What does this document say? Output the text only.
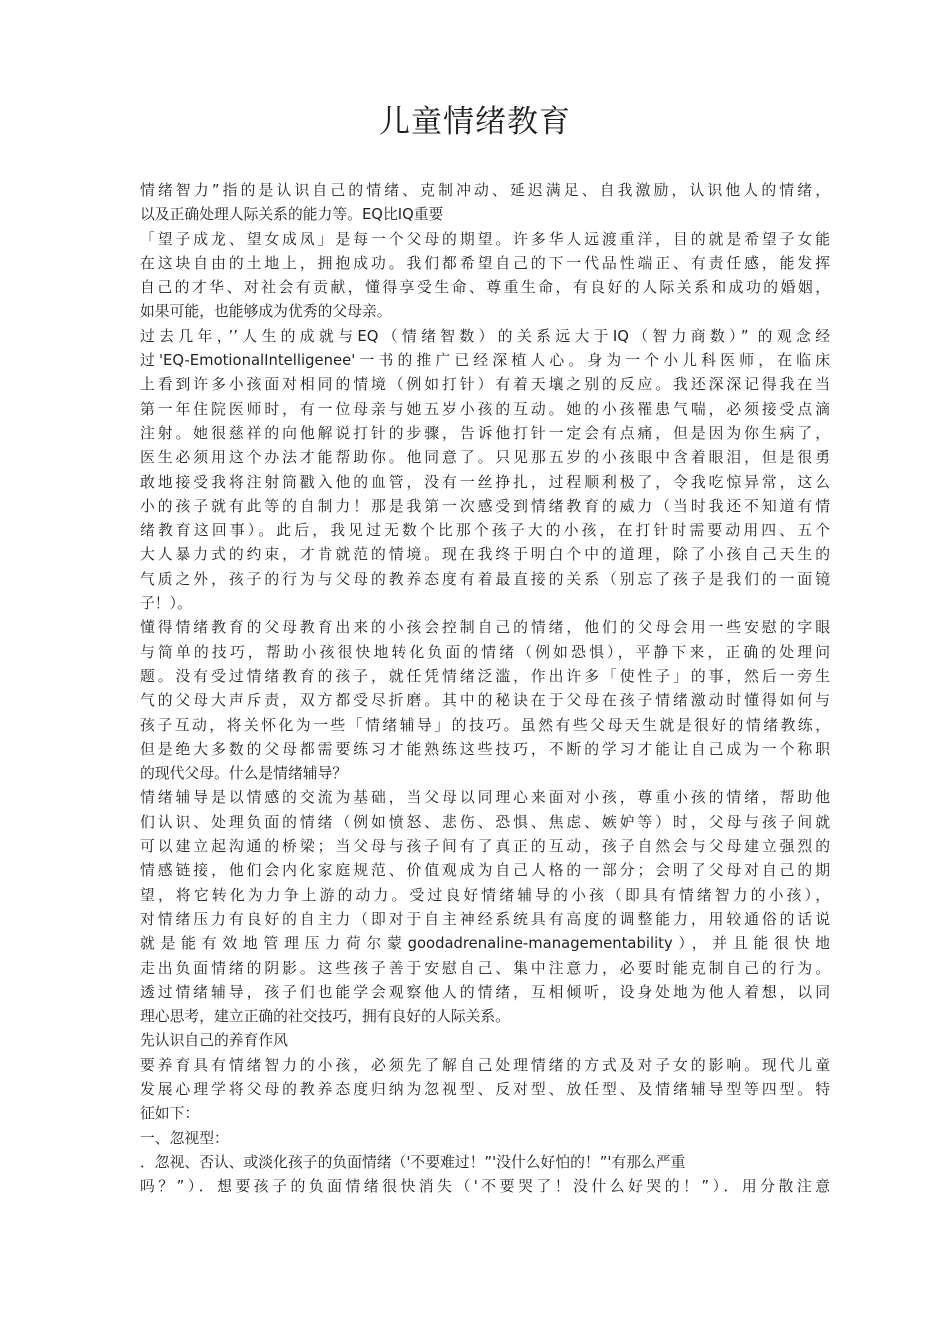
儿童情绪教育
情绪智力”指的是认识自己的情绪、克制冲动、延迟满足、自我激励，认识他人的情绪，
以及正确处理人际关系的能力等。EQ比IQ重要
「望子成龙、望女成凤」是每一个父母的期望。许多华人远渡重洋，目的就是希望子女能
在这块自由的土地上，拥抱成功。我们都希望自己的下一代品性端正、有责任感，能发挥
自己的才华、对社会有贡献，懂得享受生命、尊重生命，有良好的人际关系和成功的婚姻，
如果可能，也能够成为优秀的父母亲。
过去几年，’’人生的成就与EQ（情绪智数）的关系远大于IQ（智力商数）” 的观念经
过'EQ-EmotionalIntelligenee'一书的推广已经深植人心。身为一个小儿科医师，在临床
上看到许多小孩面对相同的情境（例如打针）有着天壤之别的反应。我还深深记得我在当
第一年住院医师时，有一位母亲与她五岁小孩的互动。她的小孩罹患气喘，必须接受点滴
注射。她很慈祥的向他解说打针的步骤，告诉他打针一定会有点痛，但是因为你生病了，
医生必须用这个办法才能帮助你。他同意了。只见那五岁的小孩眼中含着眼泪，但是很勇
敢地接受我将注射筒戳入他的血管，没有一丝挣扎，过程顺利极了，令我吃惊异常，这么
小的孩子就有此等的自制力！那是我第一次感受到情绪教育的威力（当时我还不知道有情
绪教育这回事）。此后，我见过无数个比那个孩子大的小孩，在打针时需要动用四、五个
大人暴力式的约束，才肯就范的情境。现在我终于明白个中的道理，除了小孩自己天生的
气质之外，孩子的行为与父母的教养态度有着最直接的关系（别忘了孩子是我们的一面镜
子！）。
懂得情绪教育的父母教育出来的小孩会控制自己的情绪，他们的父母会用一些安慰的字眼
与简单的技巧，帮助小孩很快地转化负面的情绪（例如恐惧），平静下来，正确的处理问
题。没有受过情绪教育的孩子，就任凭情绪泛滥，作出许多「使性子」的事，然后一旁生
气的父母大声斥责，双方都受尽折磨。其中的秘诀在于父母在孩子情绪激动时懂得如何与
孩子互动，将关怀化为一些「情绪辅导」的技巧。虽然有些父母天生就是很好的情绪教练，
但是绝大多数的父母都需要练习才能熟练这些技巧，不断的学习才能让自己成为一个称职
的现代父母。什么是情绪辅导？
情绪辅导是以情感的交流为基础，当父母以同理心来面对小孩，尊重小孩的情绪，帮助他
们认识、处理负面的情绪（例如愤怒、悲伤、恐惧、焦虑、嫉妒等）时，父母与孩子间就
可以建立起沟通的桥梁；当父母与孩子间有了真正的互动，孩子自然会与父母建立强烈的
情感链接，他们会内化家庭规范、价值观成为自己人格的一部分；会明了父母对自己的期
望，将它转化为力争上游的动力。受过良好情绪辅导的小孩（即具有情绪智力的小孩），
对情绪压力有良好的自主力（即对于自主神经系统具有高度的调整能力，用较通俗的话说
就是能有效地管理压力荷尔蒙goodadrenaline-managementability），并且能很快地
走出负面情绪的阴影。这些孩子善于安慰自己、集中注意力，必要时能克制自己的行为。
透过情绪辅导，孩子们也能学会观察他人的情绪，互相倾听，设身处地为他人着想，以同
理心思考，建立正确的社交技巧，拥有良好的人际关系。
先认识自己的养育作风
要养育具有情绪智力的小孩，必须先了解自己处理情绪的方式及对子女的影响。现代儿童
发展心理学将父母的教养态度归纳为忽视型、反对型、放任型、及情绪辅导型等四型。特
征如下：
一、忽视型：
．忽视、否认、或淡化孩子的负面情绪（'不要难过！”'没什么好怕的！”'有那么严重
吗？”）．想要孩子的负面情绪很快消失（'不要哭了！没什么好哭的！”）．用分散注意
